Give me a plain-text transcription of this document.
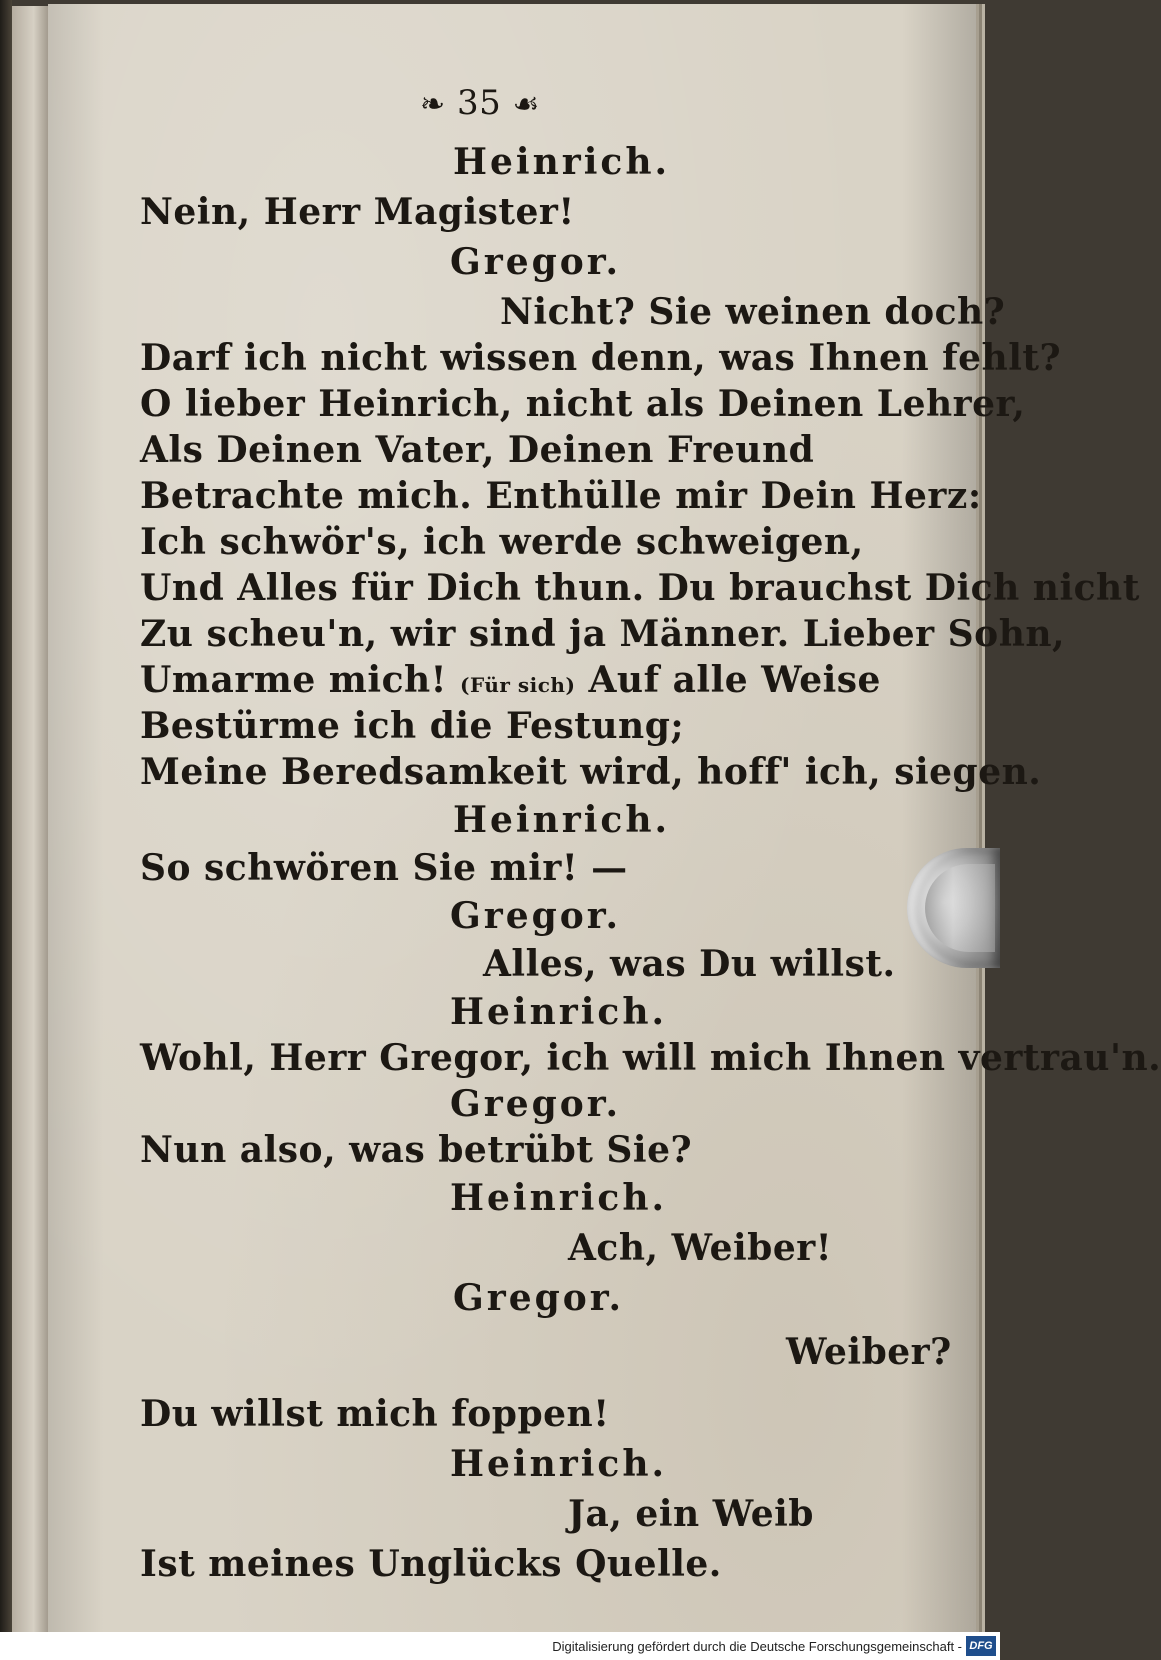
❧ 35 ☙
Heinrich.
Nein, Herr Magister!
Gregor.
Nicht? Sie weinen doch?
Darf ich nicht wissen denn, was Ihnen fehlt?
O lieber Heinrich, nicht als Deinen Lehrer,
Als Deinen Vater, Deinen Freund
Betrachte mich. Enthülle mir Dein Herz:
Ich schwör's, ich werde schweigen,
Und Alles für Dich thun. Du brauchst Dich nicht
Zu scheu'n, wir sind ja Männer. Lieber Sohn,
Umarme mich! (Für sich) Auf alle Weise
Bestürme ich die Festung;
Meine Beredsamkeit wird, hoff' ich, siegen.
Heinrich.
So schwören Sie mir! —
Gregor.
Alles, was Du willst.
Heinrich.
Wohl, Herr Gregor, ich will mich Ihnen vertrau'n.
Gregor.
Nun also, was betrübt Sie?
Heinrich.
Ach, Weiber!
Gregor.
Weiber?
Du willst mich foppen!
Heinrich.
Ja, ein Weib
Ist meines Unglücks Quelle.
Digitalisierung gefördert durch die Deutsche Forschungsgemeinschaft - DFG
